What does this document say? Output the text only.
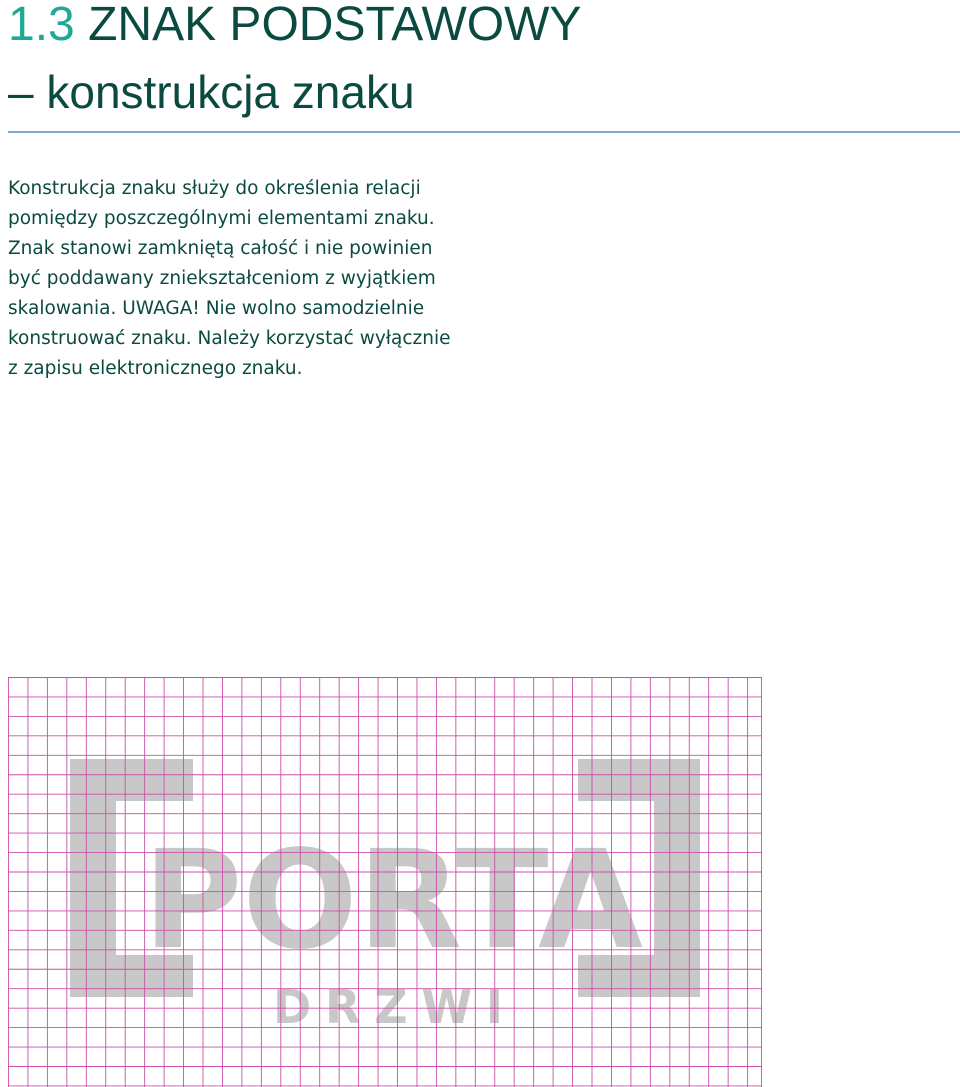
1.3 ZNAK PODSTAWOWY
– konstrukcja znaku

Konstrukcja znaku służy do określenia relacji
pomiędzy poszczególnymi elementami znaku.
Znak stanowi zamkniętą całość i nie powinien
być poddawany zniekształceniom z wyjątkiem
skalowania. UWAGA! Nie wolno samodzielnie
konstruować znaku. Należy korzystać wyłącznie
z zapisu elektronicznego znaku.

PORTA
DRZWI
